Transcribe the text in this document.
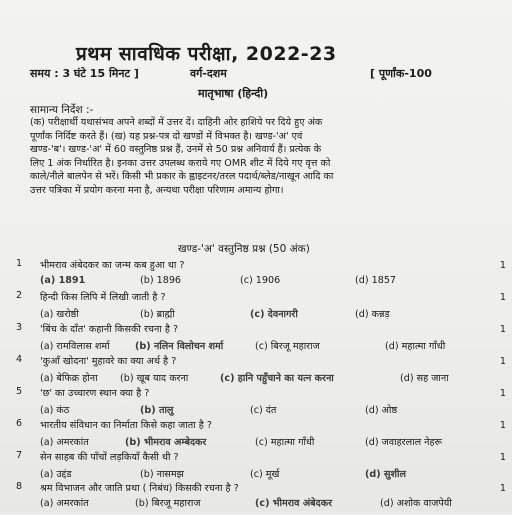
प्रथम सावधिक परीक्षा, 2022-23
समय : 3 घंटे 15 मिनट ]	वर्ग-दशम	[ पूर्णांक-100
मातृभाषा (हिन्दी)
सामान्य निर्देश :-
(क) परीक्षार्थी यथासंभव अपने शब्दों में उत्तर दें। दाहिनी ओर हाशिये पर दिये हुए अंक
पूर्णांक निर्दिष्ट करते हैं। (ख) यह प्रश्न-पत्र दो खण्डों में विभक्त है। खण्ड-'अ' एवं
खण्ड-'ब'। खण्ड-'अ' में 60 वस्तुनिष्ठ प्रश्न हैं, उनमें से 50 प्रश्न अनिवार्य हैं। प्रत्येक के
लिए 1 अंक निर्धारित है। इनका उत्तर उपलब्ध कराये गए OMR शीट में दिये गए वृत्त को
काले/नीले बालपेन से भरें। किसी भी प्रकार के ह्वाइटनर/तरल पदार्थ/ब्लेड/नाखून आदि का
उत्तर पत्रिका में प्रयोग करना मना है, अन्यथा परीक्षा परिणाम अमान्य होगा।
खण्ड-'अ' वस्तुनिष्ठ प्रश्न (50 अंक)
1	भीमराव अंबेदकर का जन्म कब हुआ था ?	1
(a) 1891	(b) 1896	(c) 1906	(d) 1857
2	हिन्दी किस लिपि में लिखी जाती है ?	1
(a) खरोष्ठी	(b) ब्राह्मी	(c) देवनागरी	(d) कन्नड़
3	'बिंच के दाँत' कहानी किसकी रचना है ?	1
(a) रामविलास शर्मा	(b) नलिन विलोचन शर्मा	(c) बिरजू महाराज	(d) महात्मा गाँधी
4	'कुआँ खोदना' मुहावरे का क्या अर्थ है ?	1
(a) बेफिक्र होना (b) खूब याद करना	(c) हानि पहुँचाने का यत्न करना	(d) सह जाना
5	'छ' का उच्चारण स्थान क्या है ?	1
(a) कंठ	(b) तालु	(c) दंत	(d) ओष्ठ
6	भारतीय संविधान का निर्माता किसे कहा जाता है ?	1
(a) अमरकांत	(b) भीमराव अम्बेदकर	(c) महात्मा गाँधी	(d) जवाहरलाल नेहरू
7	सेन साहब की पाँचों लड़कियाँ कैसी थी ?	1
(a) उद्दंड	(b) नासमझ	(c) मूर्ख	(d) सुशील
8	श्रम विभाजन और जाति प्रथा ( निबंध) किसकी रचना है ?	1
(a) अमरकांत	(b) बिरजू महाराज	(c) भीमराव अंबेदकर	(d) अशोक वाजपेयी
